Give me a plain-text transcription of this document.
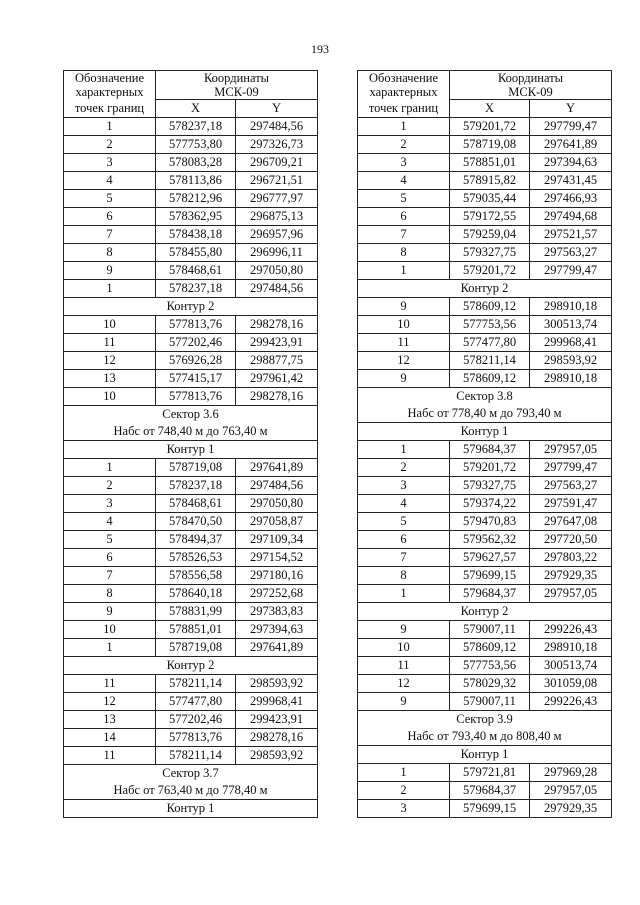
193
Обозначение	Координаты	
характерных	МСК-09	
точек границ	X	Y
1	578237,18	297484,56
2	577753,80	297326,73
3	578083,28	296709,21
4	578113,86	296721,51
5	578212,96	296777,97
6	578362,95	296875,13
7	578438,18	296957,96
8	578455,80	296996,11
9	578468,61	297050,80
1	578237,18	297484,56
Контур 2		
10	577813,76	298278,16
11	577202,46	299423,91
12	576926,28	298877,75
13	577415,17	297961,42
10	577813,76	298278,16
Сектор 3.6		
Набс от 748,40 м до 763,40 м		
Контур 1		
1	578719,08	297641,89
2	578237,18	297484,56
3	578468,61	297050,80
4	578470,50	297058,87
5	578494,37	297109,34
6	578526,53	297154,52
7	578556,58	297180,16
8	578640,18	297252,68
9	578831,99	297383,83
10	578851,01	297394,63
1	578719,08	297641,89
Контур 2		
11	578211,14	298593,92
12	577477,80	299968,41
13	577202,46	299423,91
14	577813,76	298278,16
11	578211,14	298593,92
Сектор 3.7		
Набс от 763,40 м до 778,40 м		
Контур 1		
Обозначение	Координаты	
характерных	МСК-09	
точек границ	X	Y
1	579201,72	297799,47
2	578719,08	297641,89
3	578851,01	297394,63
4	578915,82	297431,45
5	579035,44	297466,93
6	579172,55	297494,68
7	579259,04	297521,57
8	579327,75	297563,27
1	579201,72	297799,47
Контур 2		
9	578609,12	298910,18
10	577753,56	300513,74
11	577477,80	299968,41
12	578211,14	298593,92
9	578609,12	298910,18
Сектор 3.8		
Набс от 778,40 м до 793,40 м		
Контур 1		
1	579684,37	297957,05
2	579201,72	297799,47
3	579327,75	297563,27
4	579374,22	297591,47
5	579470,83	297647,08
6	579562,32	297720,50
7	579627,57	297803,22
8	579699,15	297929,35
1	579684,37	297957,05
Контур 2		
9	579007,11	299226,43
10	578609,12	298910,18
11	577753,56	300513,74
12	578029,32	301059,08
9	579007,11	299226,43
Сектор 3.9		
Набс от 793,40 м до 808,40 м		
Контур 1		
1	579721,81	297969,28
2	579684,37	297957,05
3	579699,15	297929,35
